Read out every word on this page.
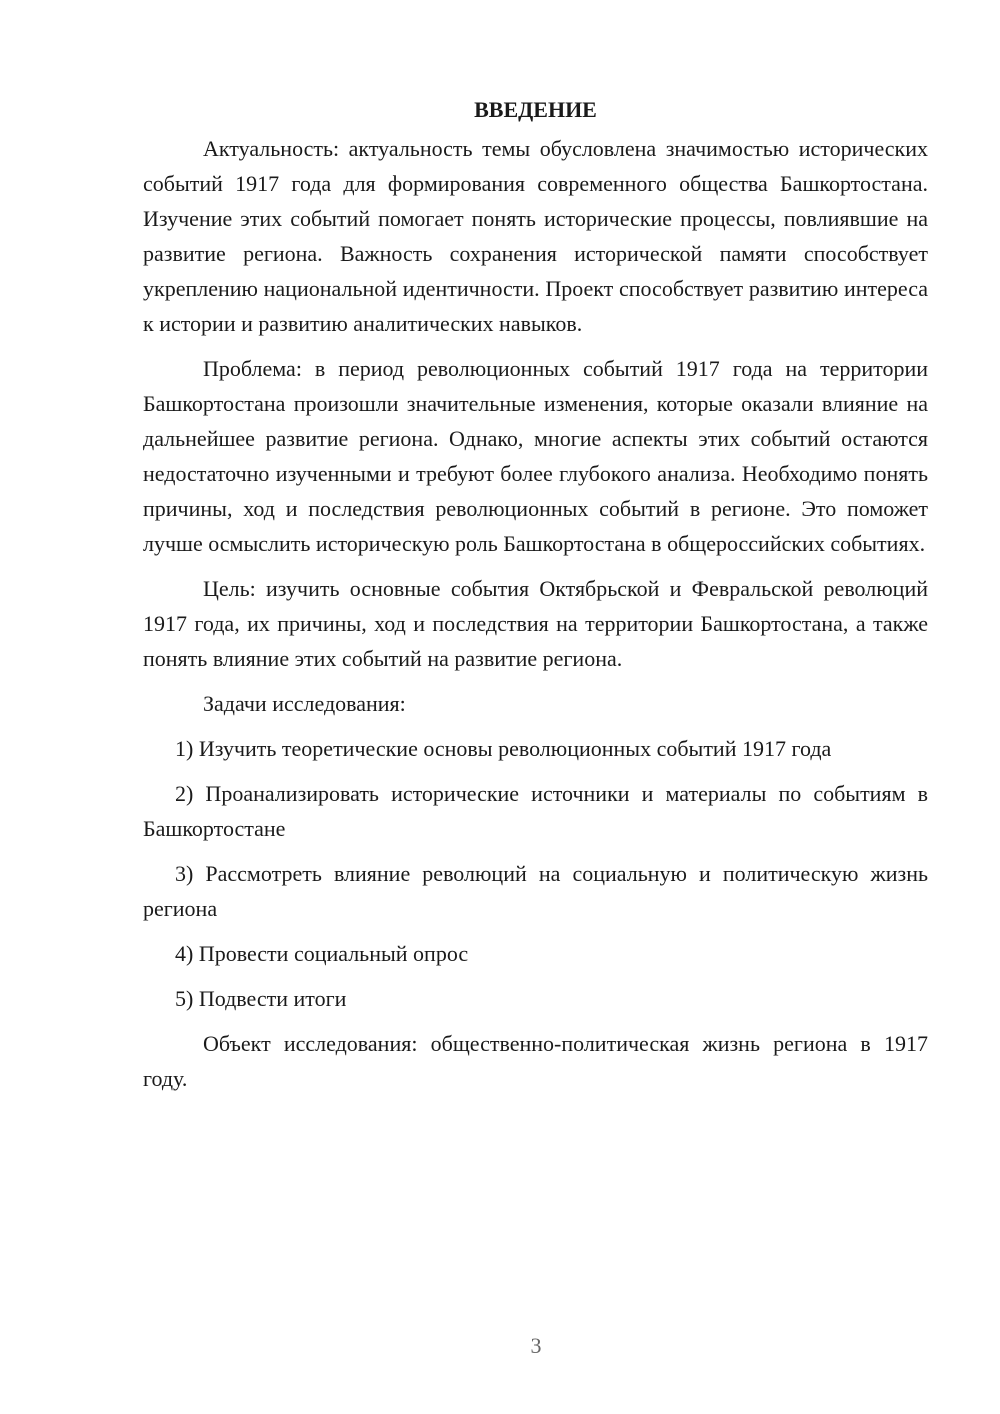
ВВЕДЕНИЕ

Актуальность: актуальность темы обусловлена значимостью исторических событий 1917 года для формирования современного общества Башкортостана. Изучение этих событий помогает понять исторические процессы, повлиявшие на развитие региона. Важность сохранения исторической памяти способствует укреплению национальной идентичности. Проект способствует развитию интереса к истории и развитию аналитических навыков.

Проблема: в период революционных событий 1917 года на территории Башкортостана произошли значительные изменения, которые оказали влияние на дальнейшее развитие региона. Однако, многие аспекты этих событий остаются недостаточно изученными и требуют более глубокого анализа. Необходимо понять причины, ход и последствия революционных событий в регионе. Это поможет лучше осмыслить историческую роль Башкортостана в общероссийских событиях.

Цель: изучить основные события Октябрьской и Февральской революций 1917 года, их причины, ход и последствия на территории Башкортостана, а также понять влияние этих событий на развитие региона.

Задачи исследования:

1) Изучить теоретические основы революционных событий 1917 года

2) Проанализировать исторические источники и материалы по событиям в Башкортостане

3) Рассмотреть влияние революций на социальную и политическую жизнь региона

4) Провести социальный опрос

5) Подвести итоги

Объект исследования: общественно-политическая жизнь региона в 1917 году.

3
